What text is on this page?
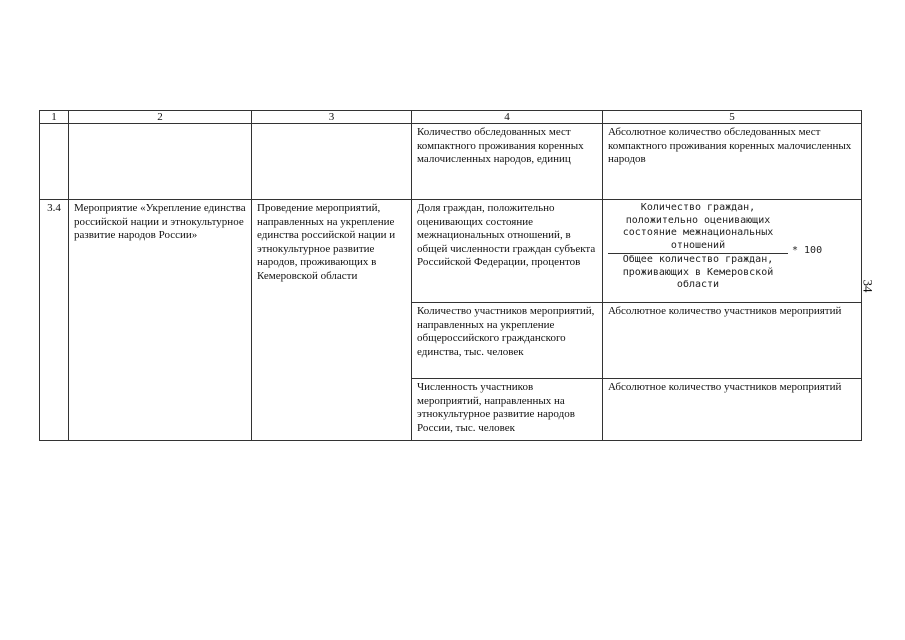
1	2	3	4	5
			Количество обследованных мест компактного проживания коренных малочисленных народов, единиц	Абсолютное количество обследованных мест компактного проживания коренных малочисленных народов
3.4	Мероприятие «Укрепление единства российской нации и этнокультурное развитие народов России»	Проведение мероприятий, направленных на укрепление единства российской нации и этнокультурное развитие народов, проживающих в Кемеровской области	Доля граждан, положительно оценивающих состояние межнациональных отношений, в общей численности граждан субъекта Российской Федерации, процентов	Количество граждан, положительно оценивающих состояние межнациональных отношений
Общее количество граждан, проживающих в Кемеровской области
* 100

			Количество участников мероприятий, направленных на укрепление общероссийского гражданского единства, тыс. человек	Абсолютное количество участников мероприятий
			Численность участников мероприятий, направленных на этнокультурное развитие народов России, тыс. человек	Абсолютное количество участников мероприятий
34
